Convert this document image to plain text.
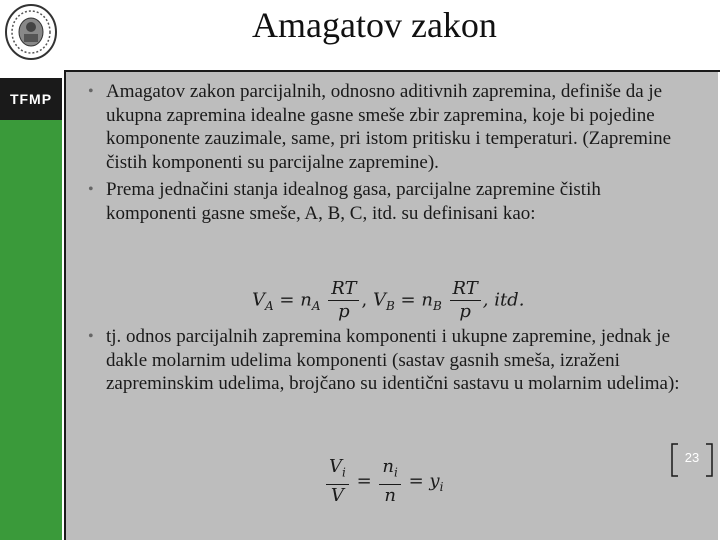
TFMP
Amagatov zakon
• Amagatov zakon parcijalnih, odnosno aditivnih zapremina, definiše da je ukupna zapremina idealne gasne smeše zbir zapremina, koje bi pojedine komponente zauzimale, same, pri istom pritisku i temperaturi. (Zapremine čistih komponenti su parcijalne zapremine).
• Prema jednačini stanja idealnog gasa, parcijalne zapremine čistih komponenti gasne smeše, A, B, C, itd. su definisani kao:
• tj. odnos parcijalnih zapremina komponenti i ukupne zapremine, jednak je dakle molarnim udelima komponenti (sastav gasnih smeša, izraženi zapreminskim udelima, brojčano su identični sastavu u molarnim udelima):
$V_A = n_A \frac{RT}{p}$ , $V_B = n_B \frac{RT}{p}$ , itd.
$\frac{V_i}{V} = \frac{n_i}{n} = y_i$
23
